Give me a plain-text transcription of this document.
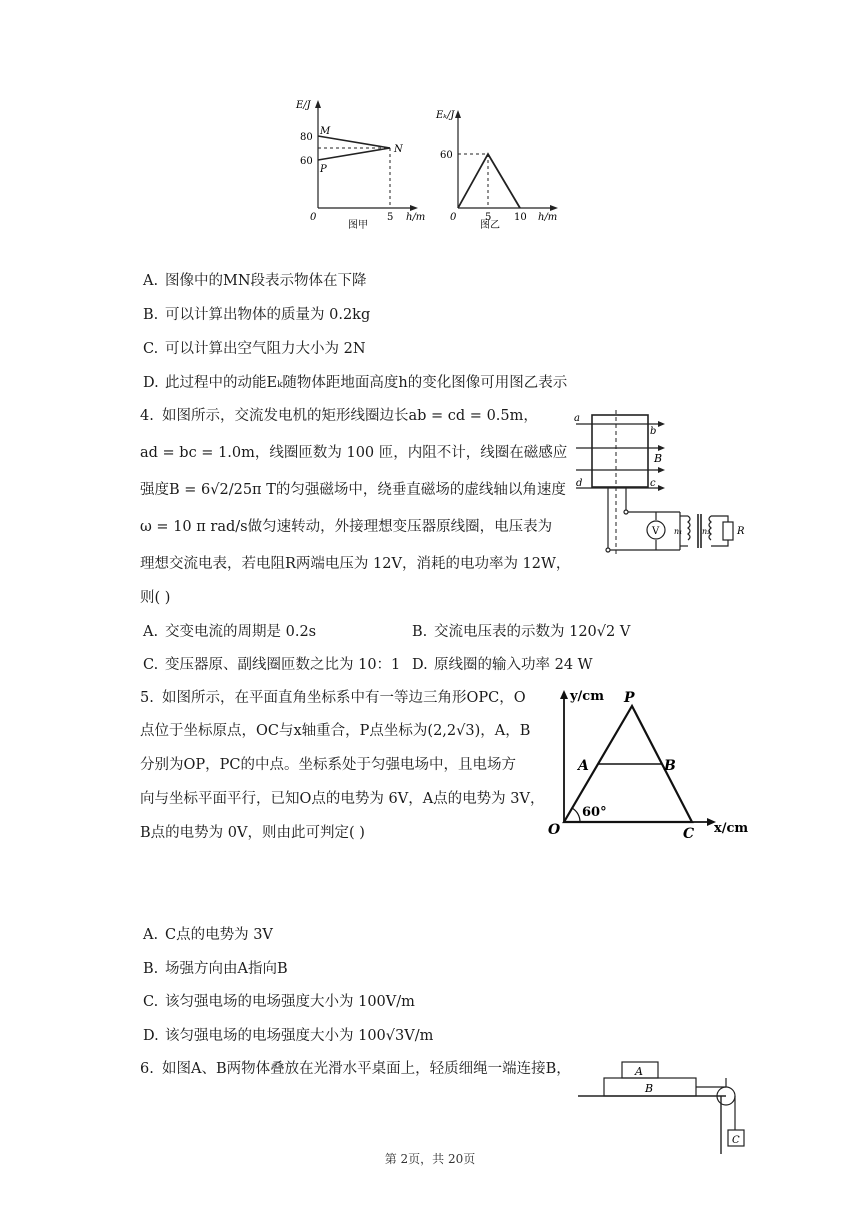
E/J
80
60
M
P
N
0	5 h/m
图甲
Eₖ/J
60
0	5 10 h/m
图乙
A. 图像中的MN段表示物体在下降
B. 可以计算出物体的质量为 0.2kg
C. 可以计算出空气阻力大小为 2N
D. 此过程中的动能Eₖ随物体距地面高度h的变化图像可用图乙表示
4. 如图所示，交流发电机的矩形线圈边长ab = cd = 0.5m，
ad = bc = 1.0m，线圈匝数为 100 匝，内阻不计，线圈在磁感应
强度B = 6√2/25π T的匀强磁场中，绕垂直磁场的虚线轴以角速度
ω = 10 π rad/s做匀速转动，外接理想变压器原线圈，电压表为
理想交流电表，若电阻R两端电压为 12V，消耗的电功率为 12W，
则( )
A. 交变电流的周期是 0.2s	B. 交流电压表的示数为 120√2 V
C. 变压器原、副线圈匝数之比为 10：1 D. 原线圈的输入功率 24 W
a
b
B
d	c
V n₁ n₂	R
5. 如图所示，在平面直角坐标系中有一等边三角形OPC，O
点位于坐标原点，OC与x轴重合，P点坐标为(2,2√3)，A，B
分别为OP，PC的中点。坐标系处于匀强电场中，且电场方
向与坐标平面平行，已知O点的电势为 6V，A点的电势为 3V，
B点的电势为 0V，则由此可判定( )
y/cm
x/cm
P
A	B
O	C
60°
A. C点的电势为 3V
B. 场强方向由A指向B
C. 该匀强电场的电场强度大小为 100V/m
D. 该匀强电场的电场强度大小为 100√3V/m
6. 如图A、B两物体叠放在光滑水平桌面上，轻质细绳一端连接B，	A
B
C
第 2页，共 20页
